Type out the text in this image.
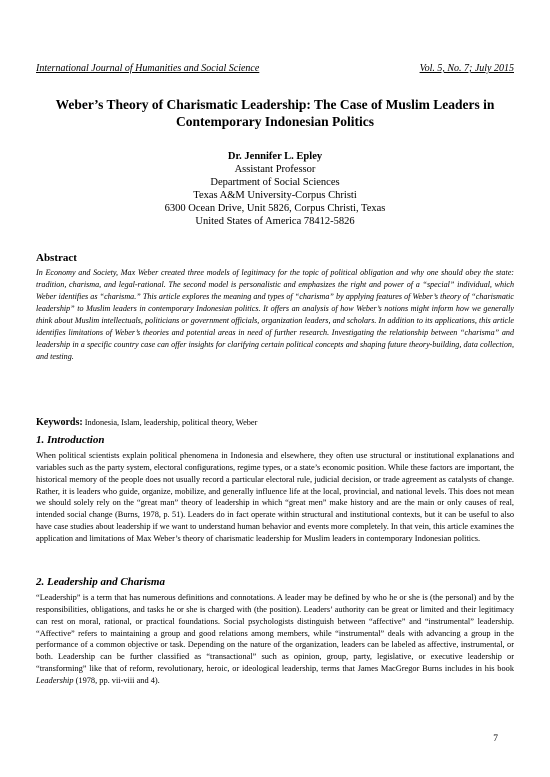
International Journal of Humanities and Social Science	Vol. 5, No. 7; July 2015
Weber’s Theory of Charismatic Leadership: The Case of Muslim Leaders in
Contemporary Indonesian Politics
Dr. Jennifer L. Epley
Assistant Professor
Department of Social Sciences
Texas A&M University-Corpus Christi
6300 Ocean Drive, Unit 5826, Corpus Christi, Texas
United States of America 78412-5826
Abstract
In Economy and Society, Max Weber created three models of legitimacy for the topic of political obligation and why one should obey the state: tradition, charisma, and legal-rational. The second model is personalistic and emphasizes the right and power of a “special” individual, which Weber identifies as “charisma.” This article explores the meaning and types of “charisma” by applying features of Weber’s theory of “charismatic leadership” to Muslim leaders in contemporary Indonesian politics. It offers an analysis of how Weber’s notions might inform how we generally think about Muslim intellectuals, politicians or government officials, organization leaders, and scholars. In addition to its applications, this article identifies limitations of Weber’s theories and potential areas in need of further research. Investigating the relationship between “charisma” and leadership in a specific country case can offer insights for clarifying certain political concepts and shaping future theory-building, data collection, and testing.
Keywords: Indonesia, Islam, leadership, political theory, Weber
1. Introduction
When political scientists explain political phenomena in Indonesia and elsewhere, they often use structural or institutional explanations and variables such as the party system, electoral configurations, regime types, or a state’s economic position. While these factors are important, the historical memory of the people does not usually record a particular electoral rule, judicial decision, or trade agreement as catalysts of change. Rather, it is leaders who guide, organize, mobilize, and generally influence life at the local, provincial, and national levels. This does not mean we should solely rely on the “great man” theory of leadership in which “great men” make history and are the main or only causes of real, intended social change (Burns, 1978, p. 51). Leaders do in fact operate within structural and institutional contexts, but it can be useful to also have case studies about leadership if we want to understand human behavior and events more completely. In that vein, this article examines the application and limitations of Max Weber’s theory of charismatic leadership for Muslim leaders in contemporary Indonesian politics.
2. Leadership and Charisma
“Leadership” is a term that has numerous definitions and connotations. A leader may be defined by who he or she is (the personal) and by the responsibilities, obligations, and tasks he or she is charged with (the position). Leaders’ authority can be great or limited and their legitimacy can rest on moral, rational, or practical foundations. Social psychologists distinguish between “affective” and “instrumental” leadership. “Affective” refers to maintaining a group and good relations among members, while “instrumental” deals with advancing a group in the performance of a common objective or task. Depending on the nature of the organization, leaders can be labeled as affective, instrumental, or both. Leadership can be further classified as “transactional” such as opinion, group, party, legislative, or executive leadership or “transforming” like that of reform, revolutionary, heroic, or ideological leadership, terms that James MacGregor Burns includes in his book Leadership (1978, pp. vii-viii and 4).
7
